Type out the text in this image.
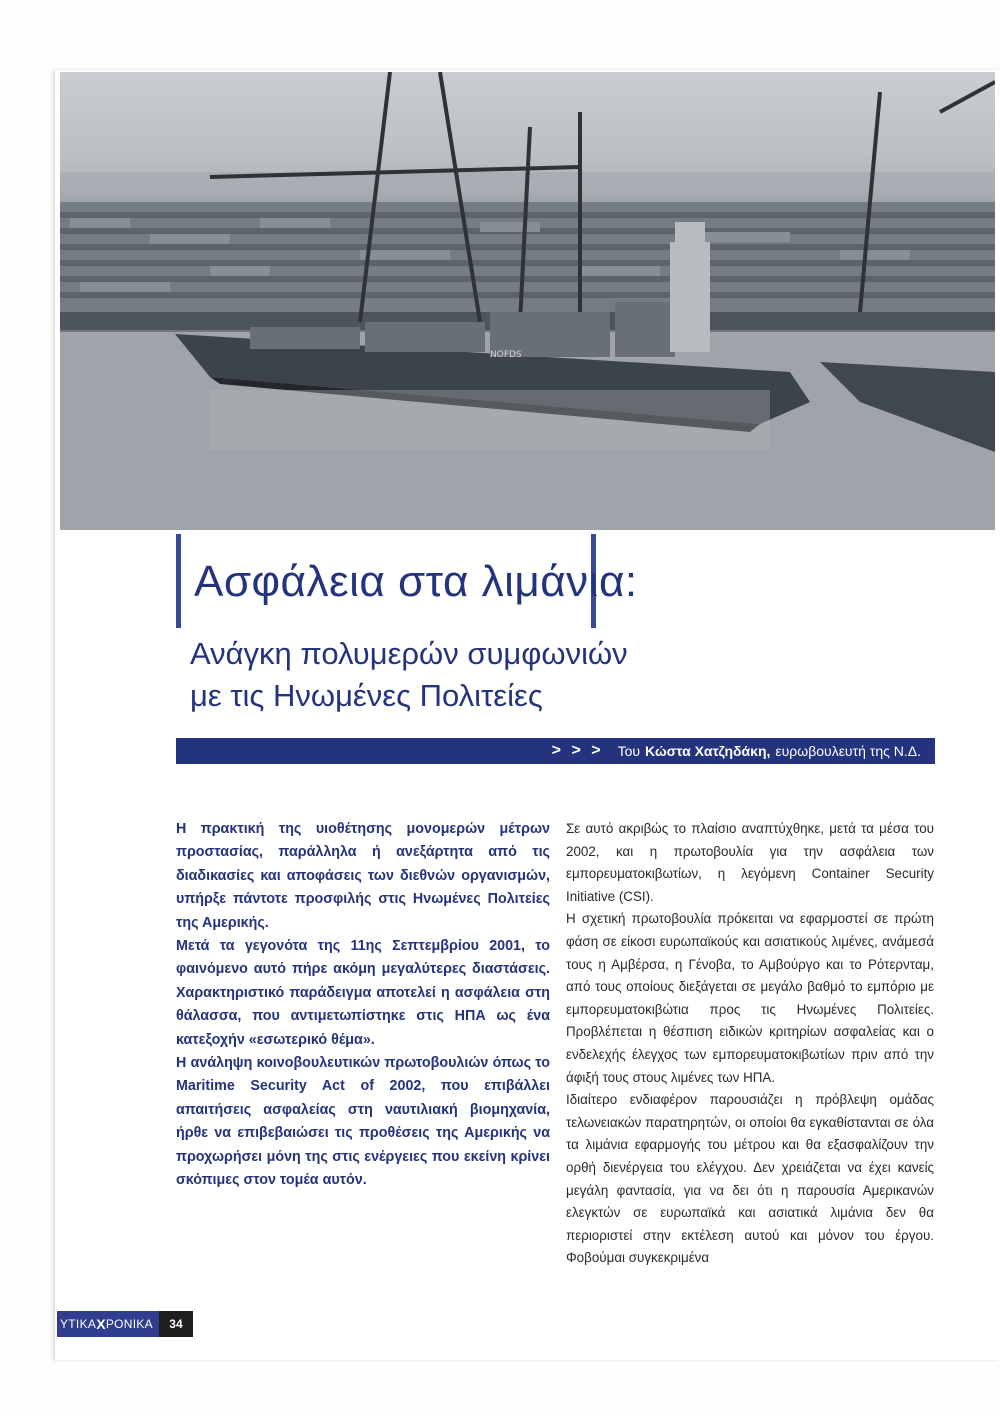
NOFDS
Ασφάλεια στα λιμάνια:
Ανάγκη πολυμερών συμφωνιών
με τις Ηνωμένες Πολιτείες
> > > Του Κώστα Χατζηδάκη, ευρωβουλευτή της Ν.Δ.

Η πρακτική της υιοθέτησης μονομερών μέτρων προστασίας, παράλληλα ή ανεξάρτητα από τις διαδικασίες και αποφάσεις των διεθνών οργανισμών, υπήρξε πάντοτε προσφιλής στις Ηνωμένες Πολιτείες της Αμερικής.

Μετά τα γεγονότα της 11ης Σεπτεμβρίου 2001, το φαινόμενο αυτό πήρε ακόμη μεγαλύτερες διαστάσεις. Χαρακτηριστικό παράδειγμα αποτελεί η ασφάλεια στη θάλασσα, που αντιμετωπίστηκε στις ΗΠΑ ως ένα κατεξοχήν «εσωτερικό θέμα».

Η ανάληψη κοινοβουλευτικών πρωτοβουλιών όπως το Maritime Security Act of 2002, που επιβάλλει απαιτήσεις ασφαλείας στη ναυτιλιακή βιομηχανία, ήρθε να επιβεβαιώσει τις προθέσεις της Αμερικής να προχωρήσει μόνη της στις ενέργειες που εκείνη κρίνει σκόπιμες στον τομέα αυτόν.

Σε αυτό ακριβώς το πλαίσιο αναπτύχθηκε, μετά τα μέσα του 2002, και η πρωτοβουλία για την ασφάλεια των εμπορευματοκιβωτίων, η λεγόμενη Container Security Initiative (CSI).

Η σχετική πρωτοβουλία πρόκειται να εφαρμοστεί σε πρώτη φάση σε είκοσι ευρωπαϊκούς και ασιατικούς λιμένες, ανάμεσά τους η Αμβέρσα, η Γένοβα, το Αμβούργο και το Ρότερνταμ, από τους οποίους διεξάγεται σε μεγάλο βαθμό το εμπόριο με εμπορευματοκιβώτια προς τις Ηνωμένες Πολιτείες. Προβλέπεται η θέσπιση ειδικών κριτηρίων ασφαλείας και ο ενδελεχής έλεγχος των εμπορευματοκιβωτίων πριν από την άφιξή τους στους λιμένες των ΗΠΑ.

Ιδιαίτερο ενδιαφέρον παρουσιάζει η πρόβλεψη ομάδας τελωνειακών παρατηρητών, οι οποίοι θα εγκαθίστανται σε όλα τα λιμάνια εφαρμογής του μέτρου και θα εξασφαλίζουν την ορθή διενέργεια του ελέγχου. Δεν χρειάζεται να έχει κανείς μεγάλη φαντασία, για να δει ότι η παρουσία Αμερικανών ελεγκτών σε ευρωπαϊκά και ασιατικά λιμάνια δεν θα περιοριστεί στην εκτέλεση αυτού και μόνον του έργου. Φοβούμαι συγκεκριμένα

ΥΤΙΚΑ Χ ΡΟΝΙΚΑ	34
